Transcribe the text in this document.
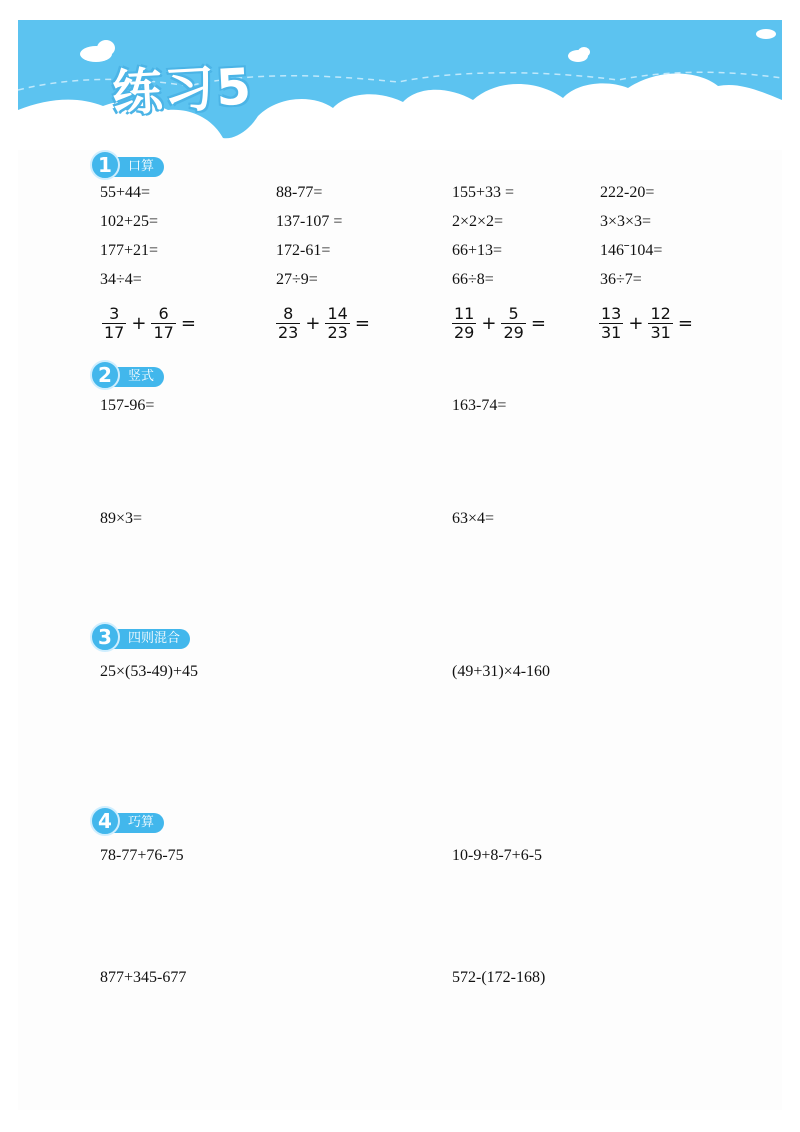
练习5
1	口算
55+44=	88-77=	155+33 =	222-20=
102+25=	137-107 =	2×2×2=	3×3×3=
177+21=	172-61=	66+13=	146ˉ104=
34÷4=	27÷9=	66÷8=	36÷7=
$\frac{3}{17} + \frac{6}{17}$ =	$\frac{8}{23} + \frac{14}{23}$ =	$\frac{11}{29} + \frac{5}{29}$ =	$\frac{13}{31} + \frac{12}{31}$ =
2	竖式
157-96=	163-74=
89×3=	63×4=
3	四则混合
25×(53-49)+45	(49+31)×4-160
4	巧算
78-77+76-75	10-9+8-7+6-5
877+345-677	572-(172-168)
